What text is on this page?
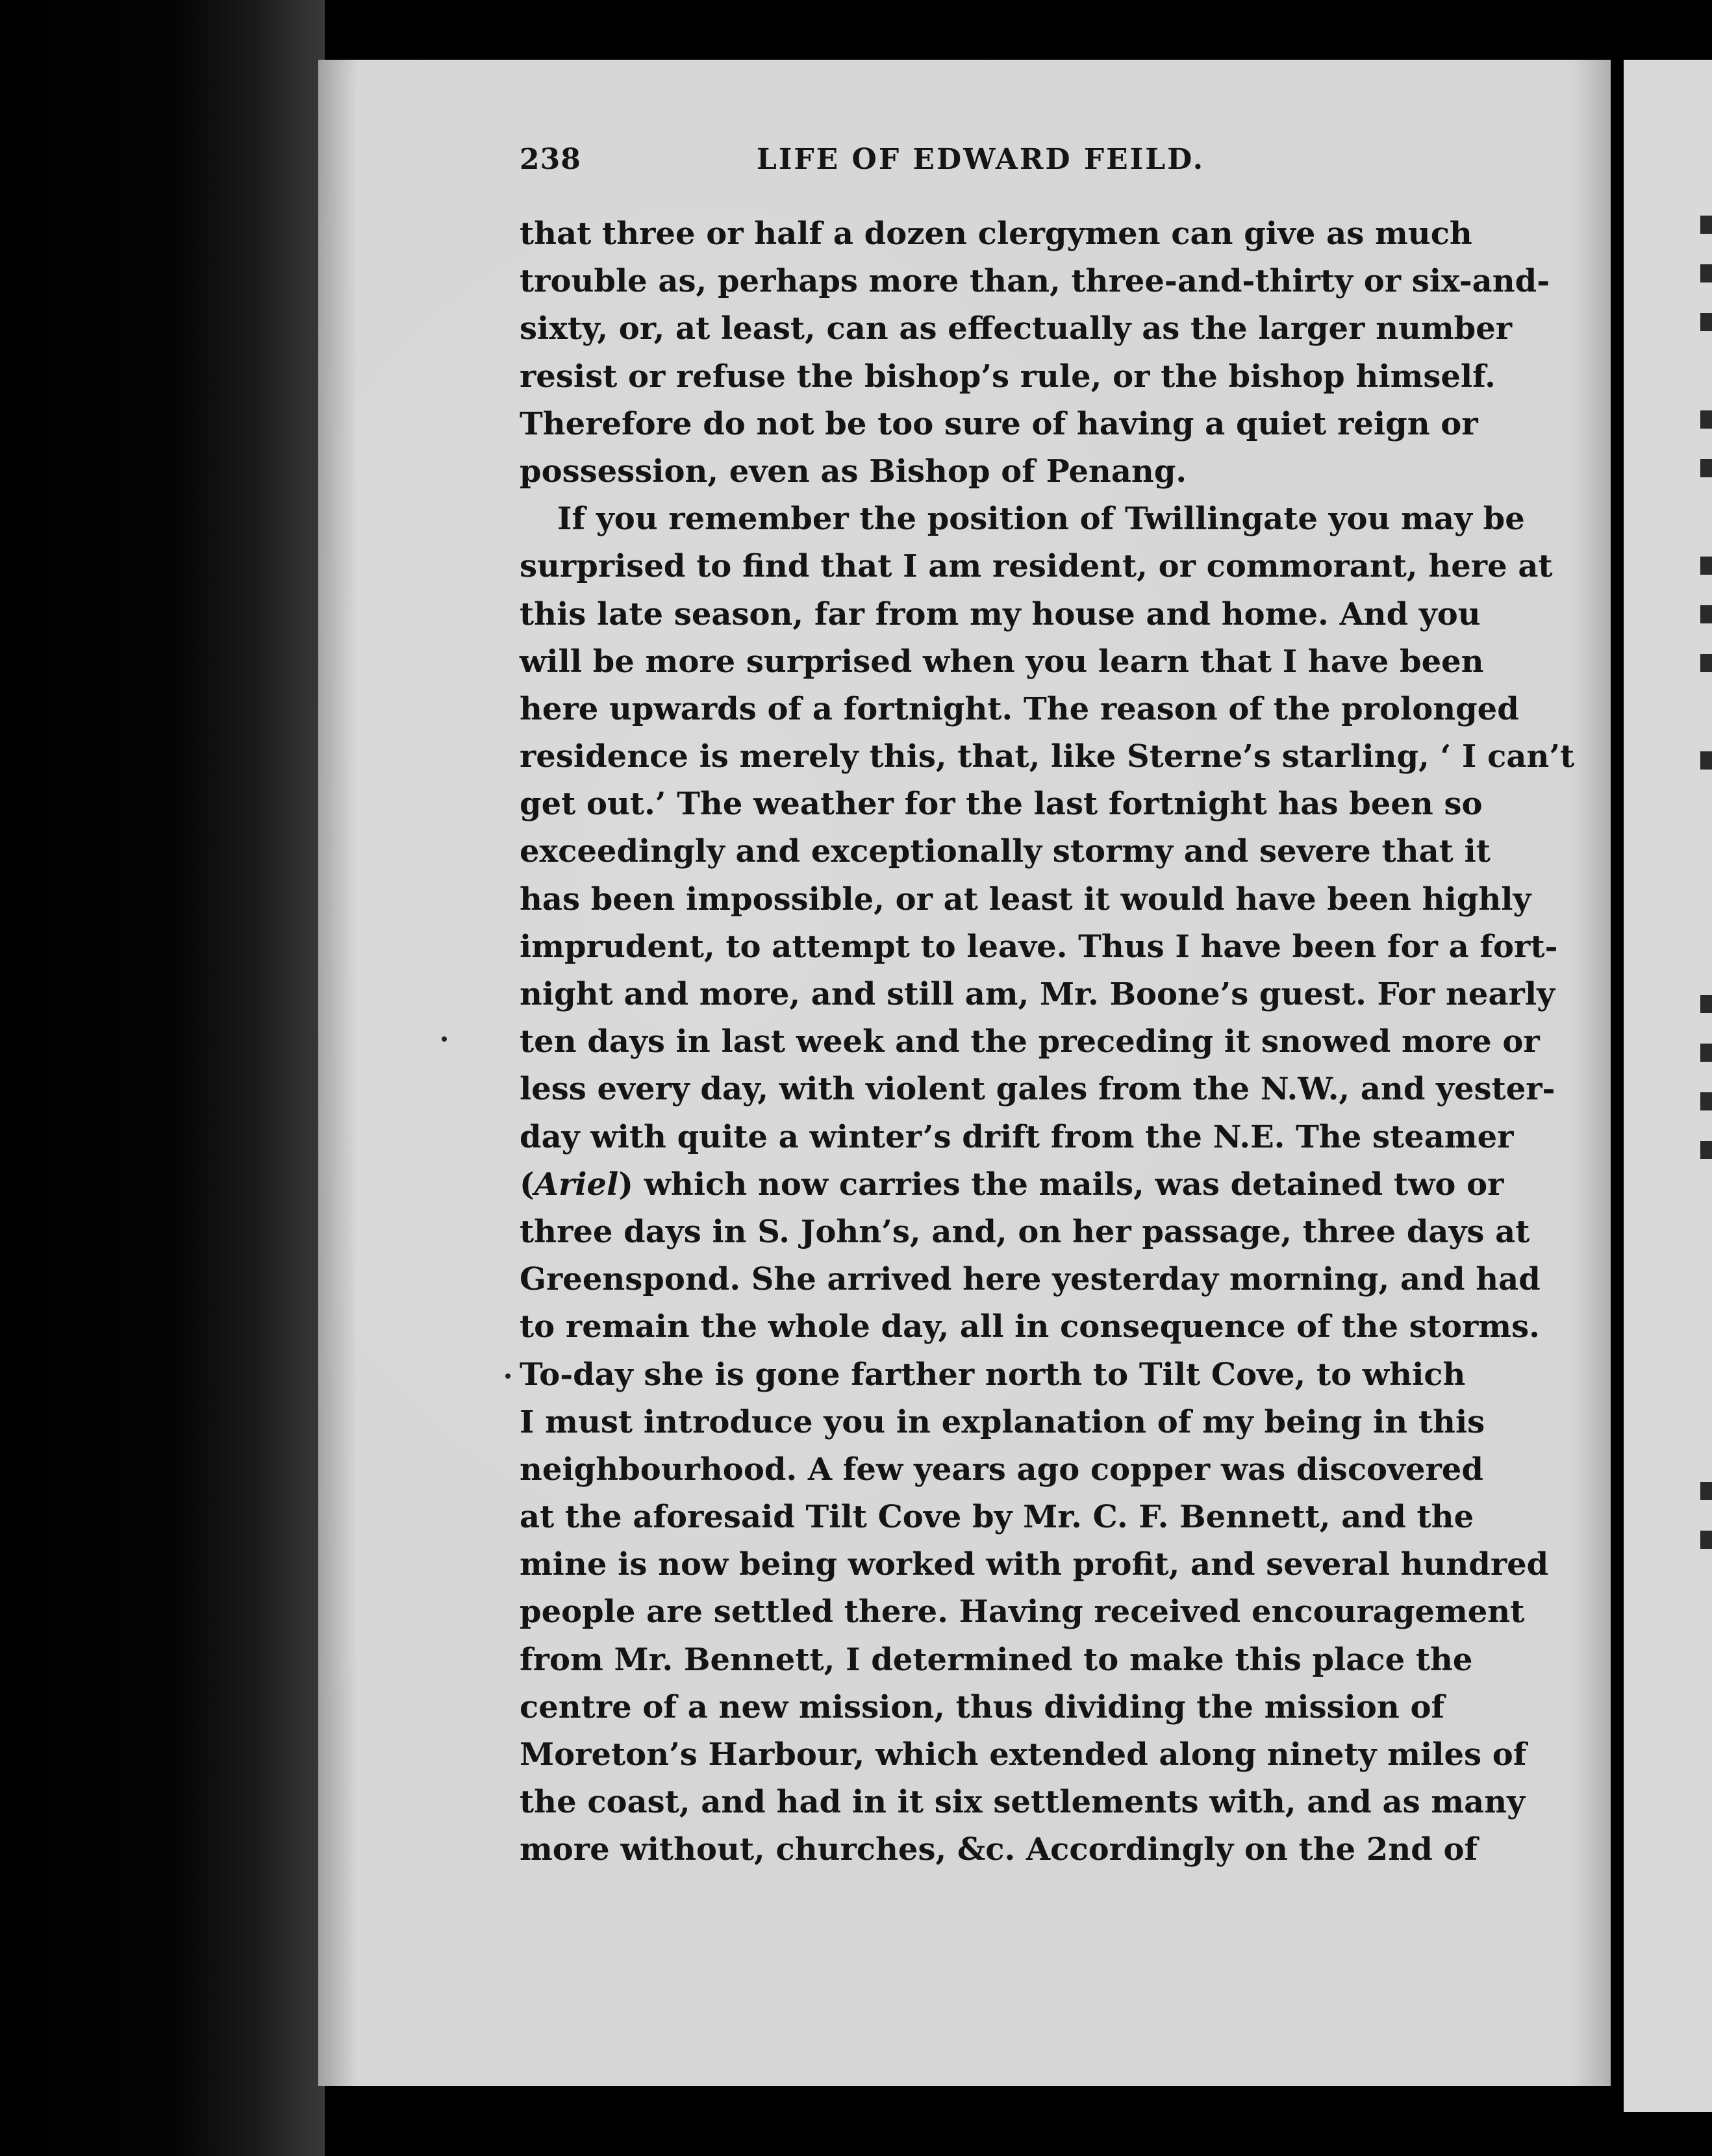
238	LIFE OF EDWARD FEILD.
that three or half a dozen clergymen can give as much
trouble as, perhaps more than, three-and-thirty or six-and-
sixty, or, at least, can as effectually as the larger number
resist or refuse the bishop’s rule, or the bishop himself.
Therefore do not be too sure of having a quiet reign or
possession, even as Bishop of Penang.
If you remember the position of Twillingate you may be
surprised to find that I am resident, or commorant, here at
this late season, far from my house and home. And you
will be more surprised when you learn that I have been
here upwards of a fortnight. The reason of the prolonged
residence is merely this, that, like Sterne’s starling, ‘ I can’t
get out.’ The weather for the last fortnight has been so
exceedingly and exceptionally stormy and severe that it
has been impossible, or at least it would have been highly
imprudent, to attempt to leave. Thus I have been for a fort-
night and more, and still am, Mr. Boone’s guest. For nearly
ten days in last week and the preceding it snowed more or
less every day, with violent gales from the N.W., and yester-
day with quite a winter’s drift from the N.E. The steamer
(Ariel) which now carries the mails, was detained two or
three days in S. John’s, and, on her passage, three days at
Greenspond. She arrived here yesterday morning, and had
to remain the whole day, all in consequence of the storms.
To-day she is gone farther north to Tilt Cove, to which
I must introduce you in explanation of my being in this
neighbourhood. A few years ago copper was discovered
at the aforesaid Tilt Cove by Mr. C. F. Bennett, and the
mine is now being worked with profit, and several hundred
people are settled there. Having received encouragement
from Mr. Bennett, I determined to make this place the
centre of a new mission, thus dividing the mission of
Moreton’s Harbour, which extended along ninety miles of
the coast, and had in it six settlements with, and as many
more without, churches, &c. Accordingly on the 2nd of
